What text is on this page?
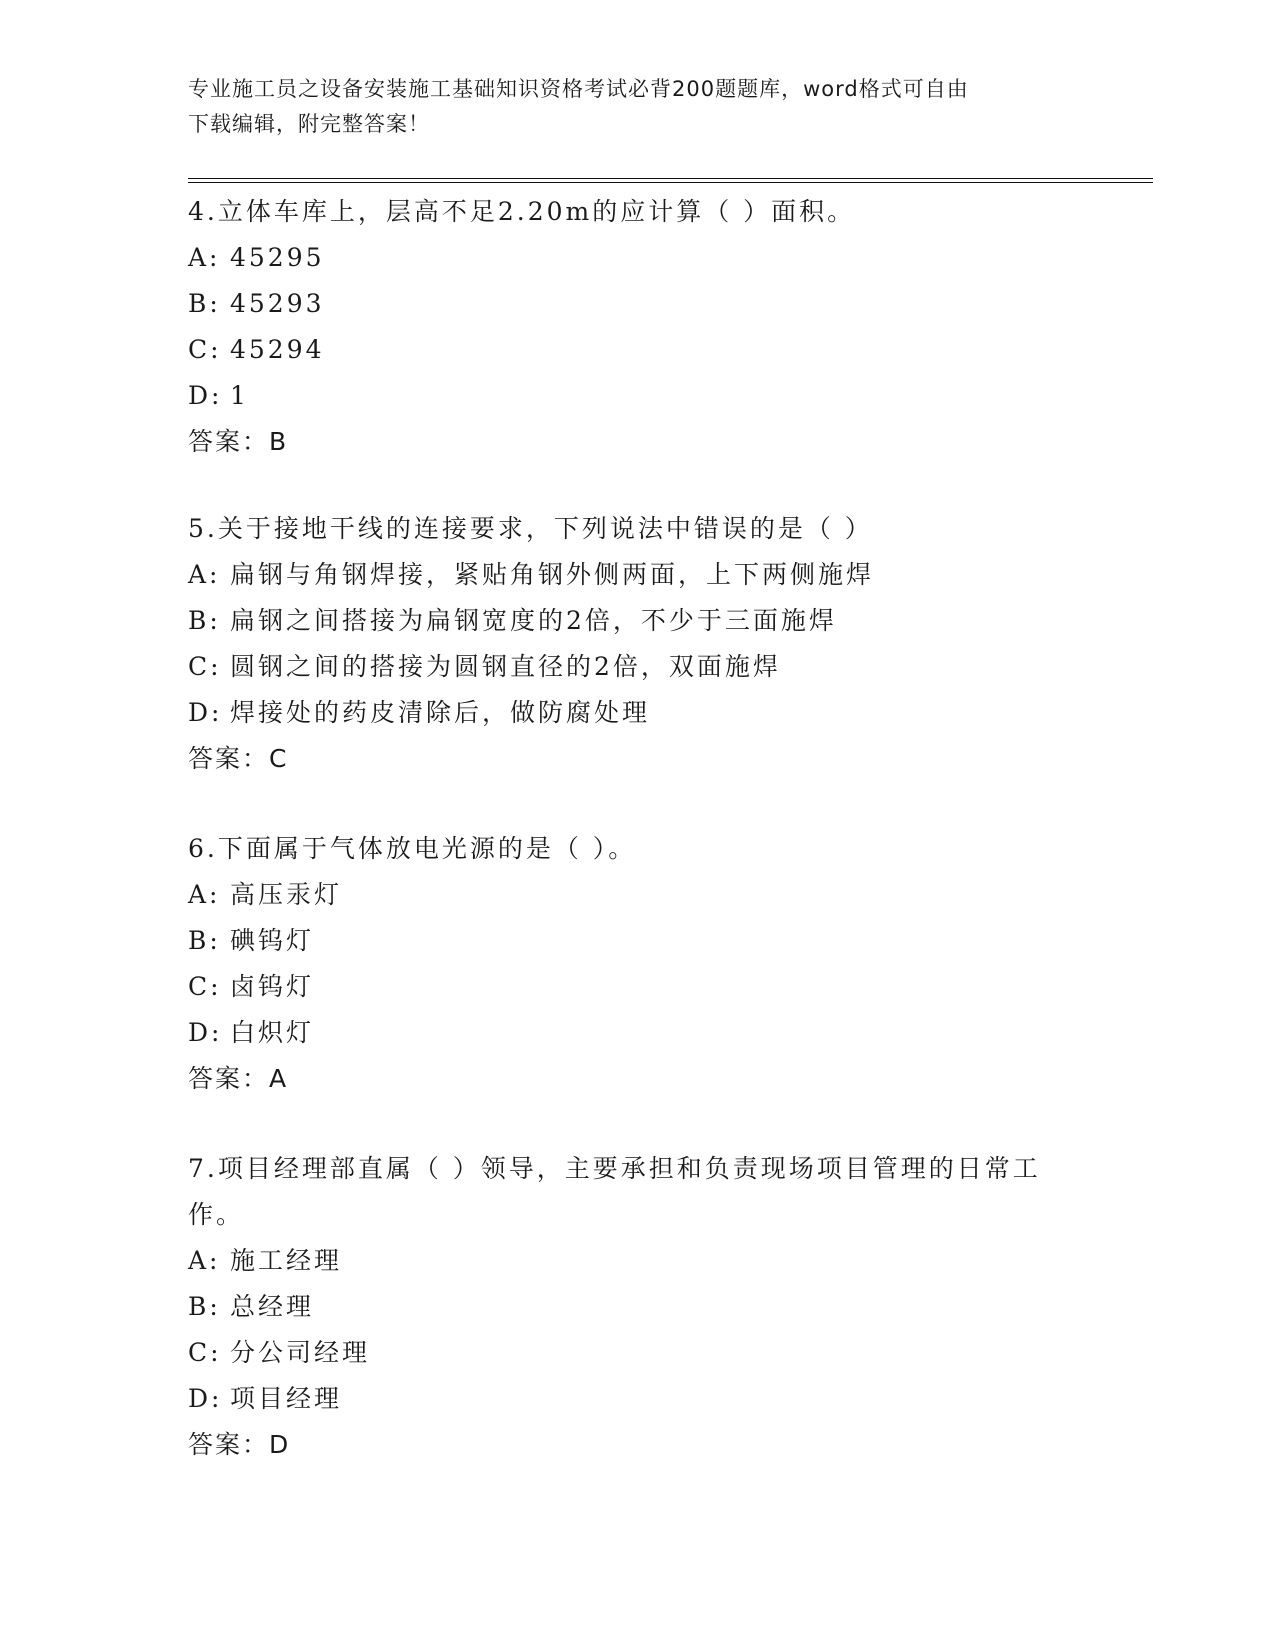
专业施工员之设备安装施工基础知识资格考试必背200题题库，word格式可自由
下载编辑，附完整答案！

4.立体车库上，层高不足2.20m的应计算（ ）面积。

A: 45295

B: 45293

C: 45294

D: 1

答案：B

5.关于接地干线的连接要求，下列说法中错误的是（ ）

A: 扁钢与角钢焊接，紧贴角钢外侧两面，上下两侧施焊

B: 扁钢之间搭接为扁钢宽度的2倍，不少于三面施焊

C: 圆钢之间的搭接为圆钢直径的2倍，双面施焊

D: 焊接处的药皮清除后，做防腐处理

答案：C

6.下面属于气体放电光源的是（ ）。

A: 高压汞灯

B: 碘钨灯

C: 卤钨灯

D: 白炽灯

答案：A

7.项目经理部直属（ ）领导，主要承担和负责现场项目管理的日常工作。

A: 施工经理

B: 总经理

C: 分公司经理

D: 项目经理

答案：D
